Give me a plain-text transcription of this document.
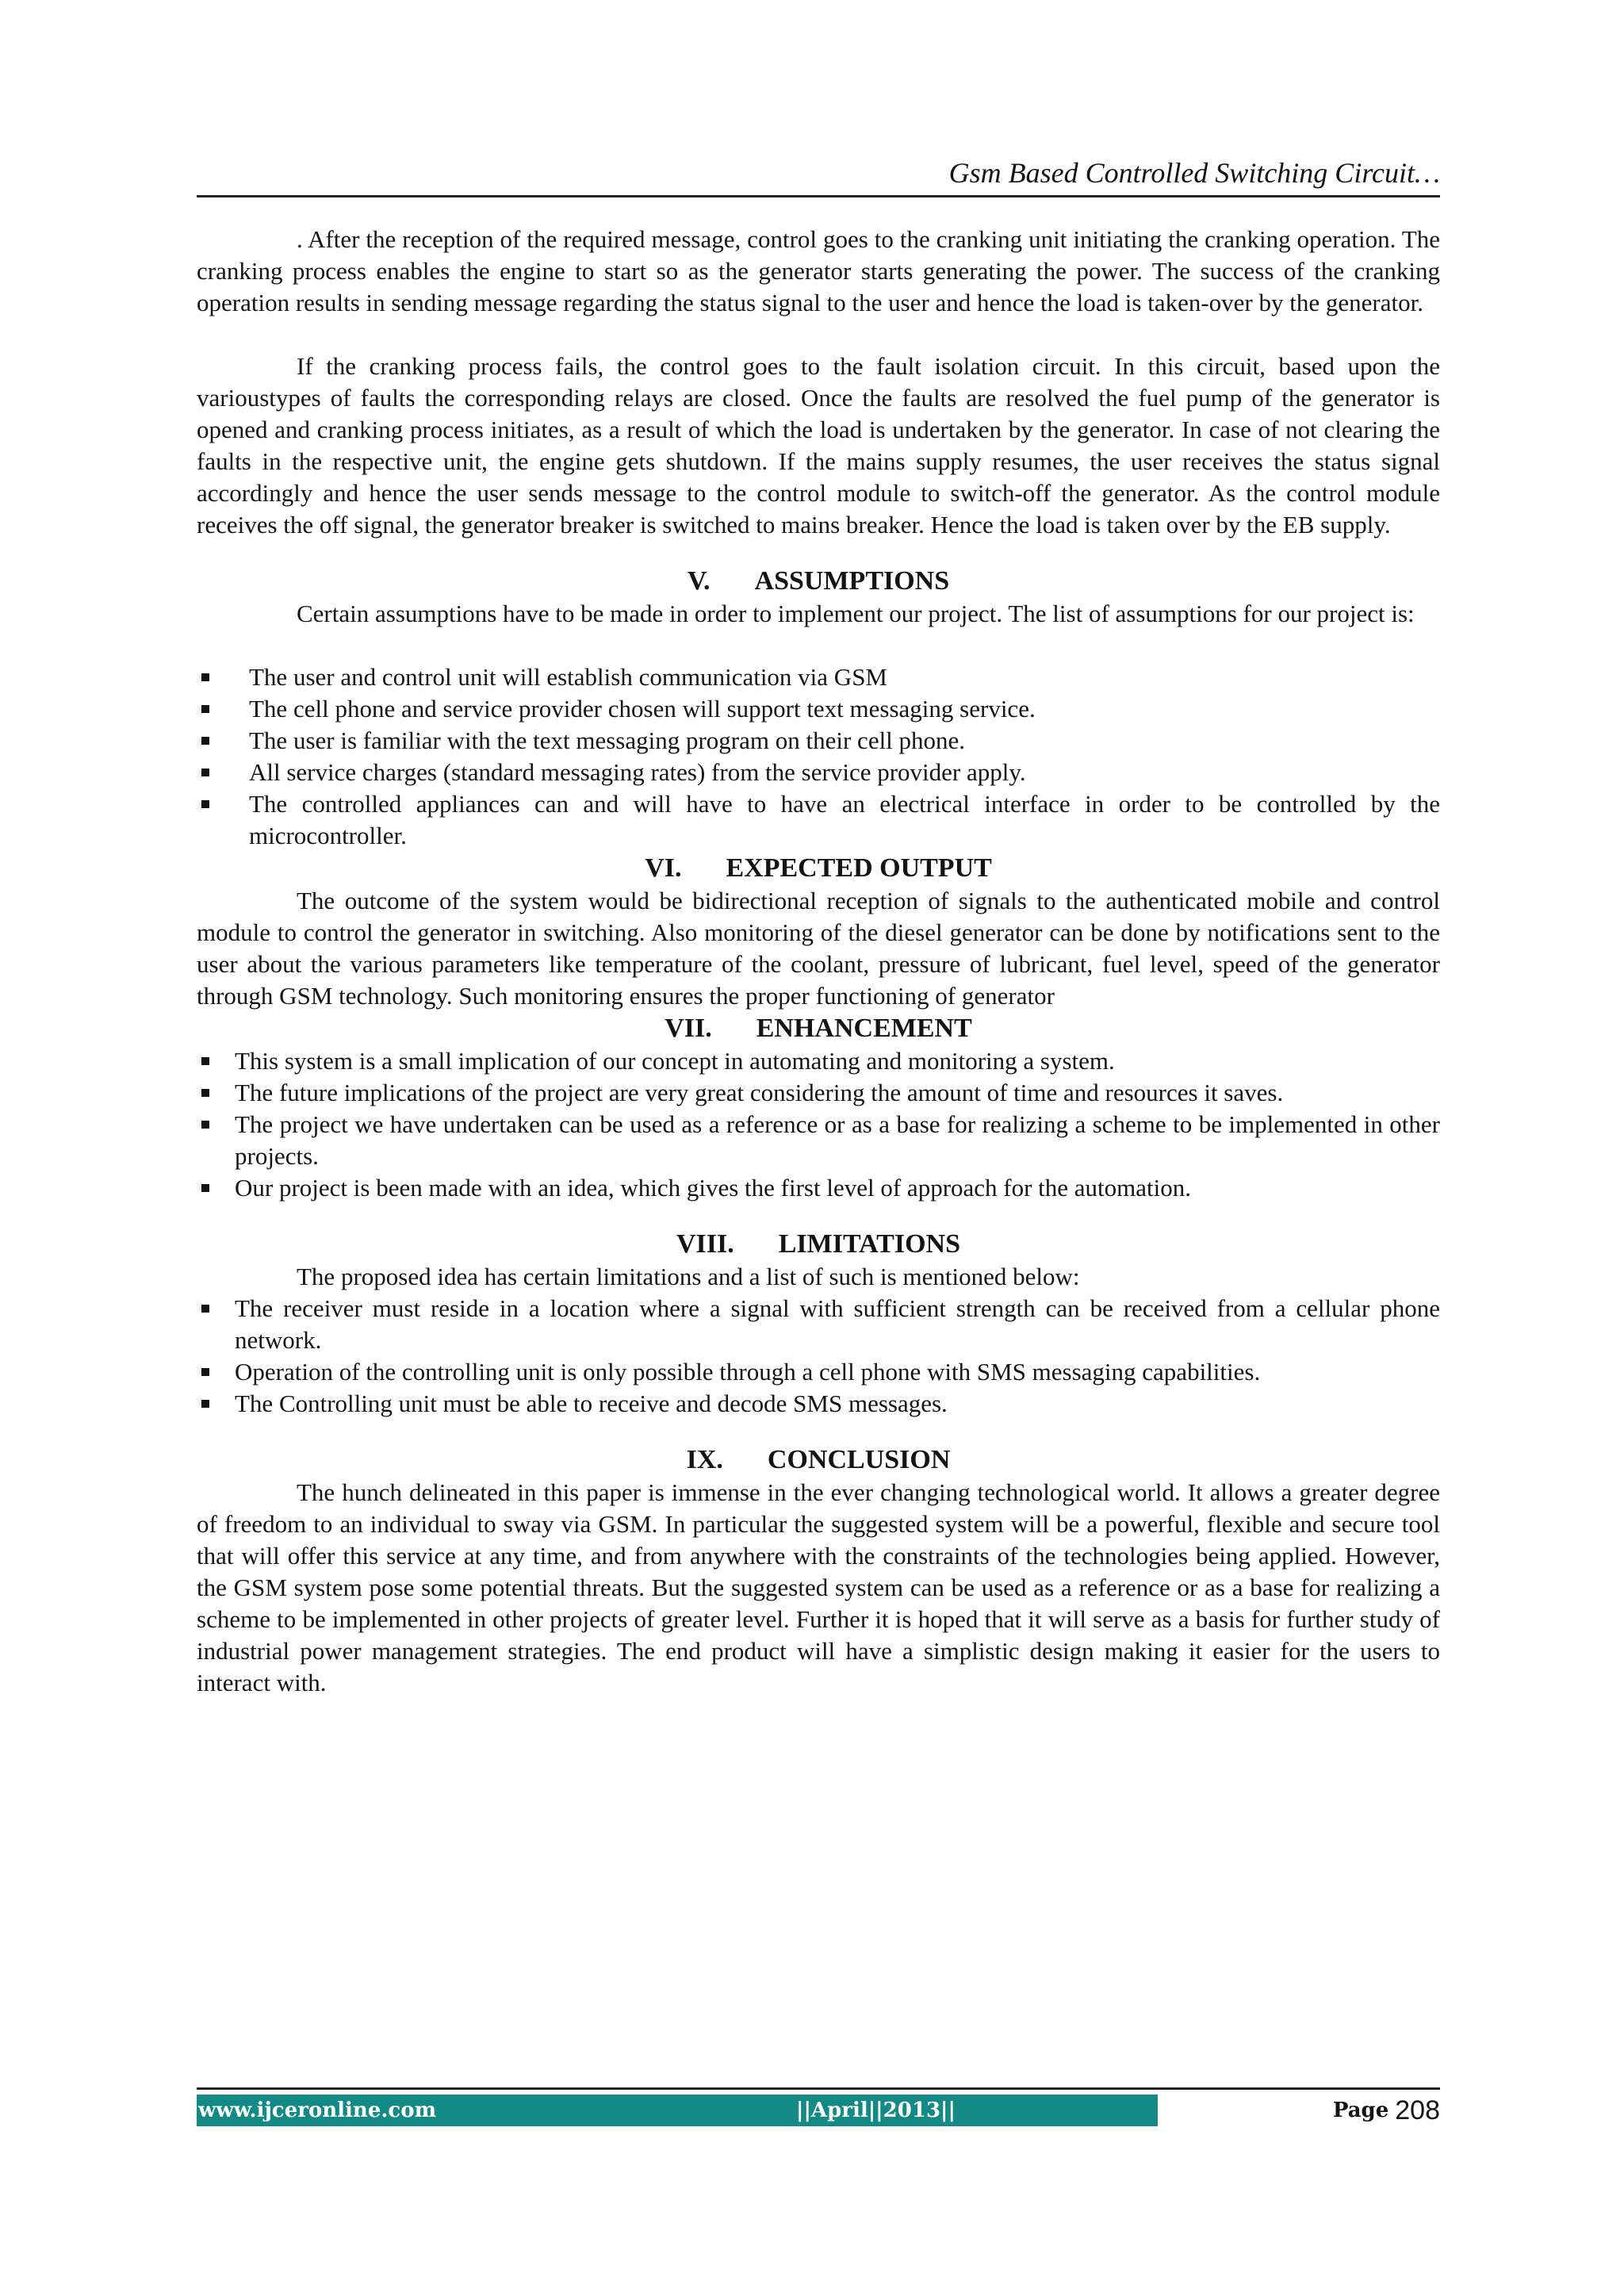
Gsm Based Controlled Switching Circuit…

. After the reception of the required message, control goes to the cranking unit initiating the cranking operation. The cranking process enables the engine to start so as the generator starts generating the power. The success of the cranking operation results in sending message regarding the status signal to the user and hence the load is taken-over by the generator.

If the cranking process fails, the control goes to the fault isolation circuit. In this circuit, based upon the varioustypes of faults the corresponding relays are closed. Once the faults are resolved the fuel pump of the generator is opened and cranking process initiates, as a result of which the load is undertaken by the generator. In case of not clearing the faults in the respective unit, the engine gets shutdown. If the mains supply resumes, the user receives the status signal accordingly and hence the user sends message to the control module to switch-off the generator. As the control module receives the off signal, the generator breaker is switched to mains breaker. Hence the load is taken over by the EB supply.

V. ASSUMPTIONS

Certain assumptions have to be made in order to implement our project. The list of assumptions for our project is:

The user and control unit will establish communication via GSM
The cell phone and service provider chosen will support text messaging service.
The user is familiar with the text messaging program on their cell phone.
All service charges (standard messaging rates) from the service provider apply.
The controlled appliances can and will have to have an electrical interface in order to be controlled by the microcontroller.
VI. EXPECTED OUTPUT

The outcome of the system would be bidirectional reception of signals to the authenticated mobile and control module to control the generator in switching. Also monitoring of the diesel generator can be done by notifications sent to the user about the various parameters like temperature of the coolant, pressure of lubricant, fuel level, speed of the generator through GSM technology. Such monitoring ensures the proper functioning of generator

VII. ENHANCEMENT
This system is a small implication of our concept in automating and monitoring a system.
The future implications of the project are very great considering the amount of time and resources it saves.
The project we have undertaken can be used as a reference or as a base for realizing a scheme to be implemented in other projects.
Our project is been made with an idea, which gives the first level of approach for the automation.
VIII. LIMITATIONS

The proposed idea has certain limitations and a list of such is mentioned below:

The receiver must reside in a location where a signal with sufficient strength can be received from a cellular phone network.
Operation of the controlling unit is only possible through a cell phone with SMS messaging capabilities.
The Controlling unit must be able to receive and decode SMS messages.
IX. CONCLUSION

The hunch delineated in this paper is immense in the ever changing technological world. It allows a greater degree of freedom to an individual to sway via GSM. In particular the suggested system will be a powerful, flexible and secure tool that will offer this service at any time, and from anywhere with the constraints of the technologies being applied. However, the GSM system pose some potential threats. But the suggested system can be used as a reference or as a base for realizing a scheme to be implemented in other projects of greater level. Further it is hoped that it will serve as a basis for further study of industrial power management strategies. The end product will have a simplistic design making it easier for the users to interact with.

www.ijceronline.com	||April||2013||	Page 208
